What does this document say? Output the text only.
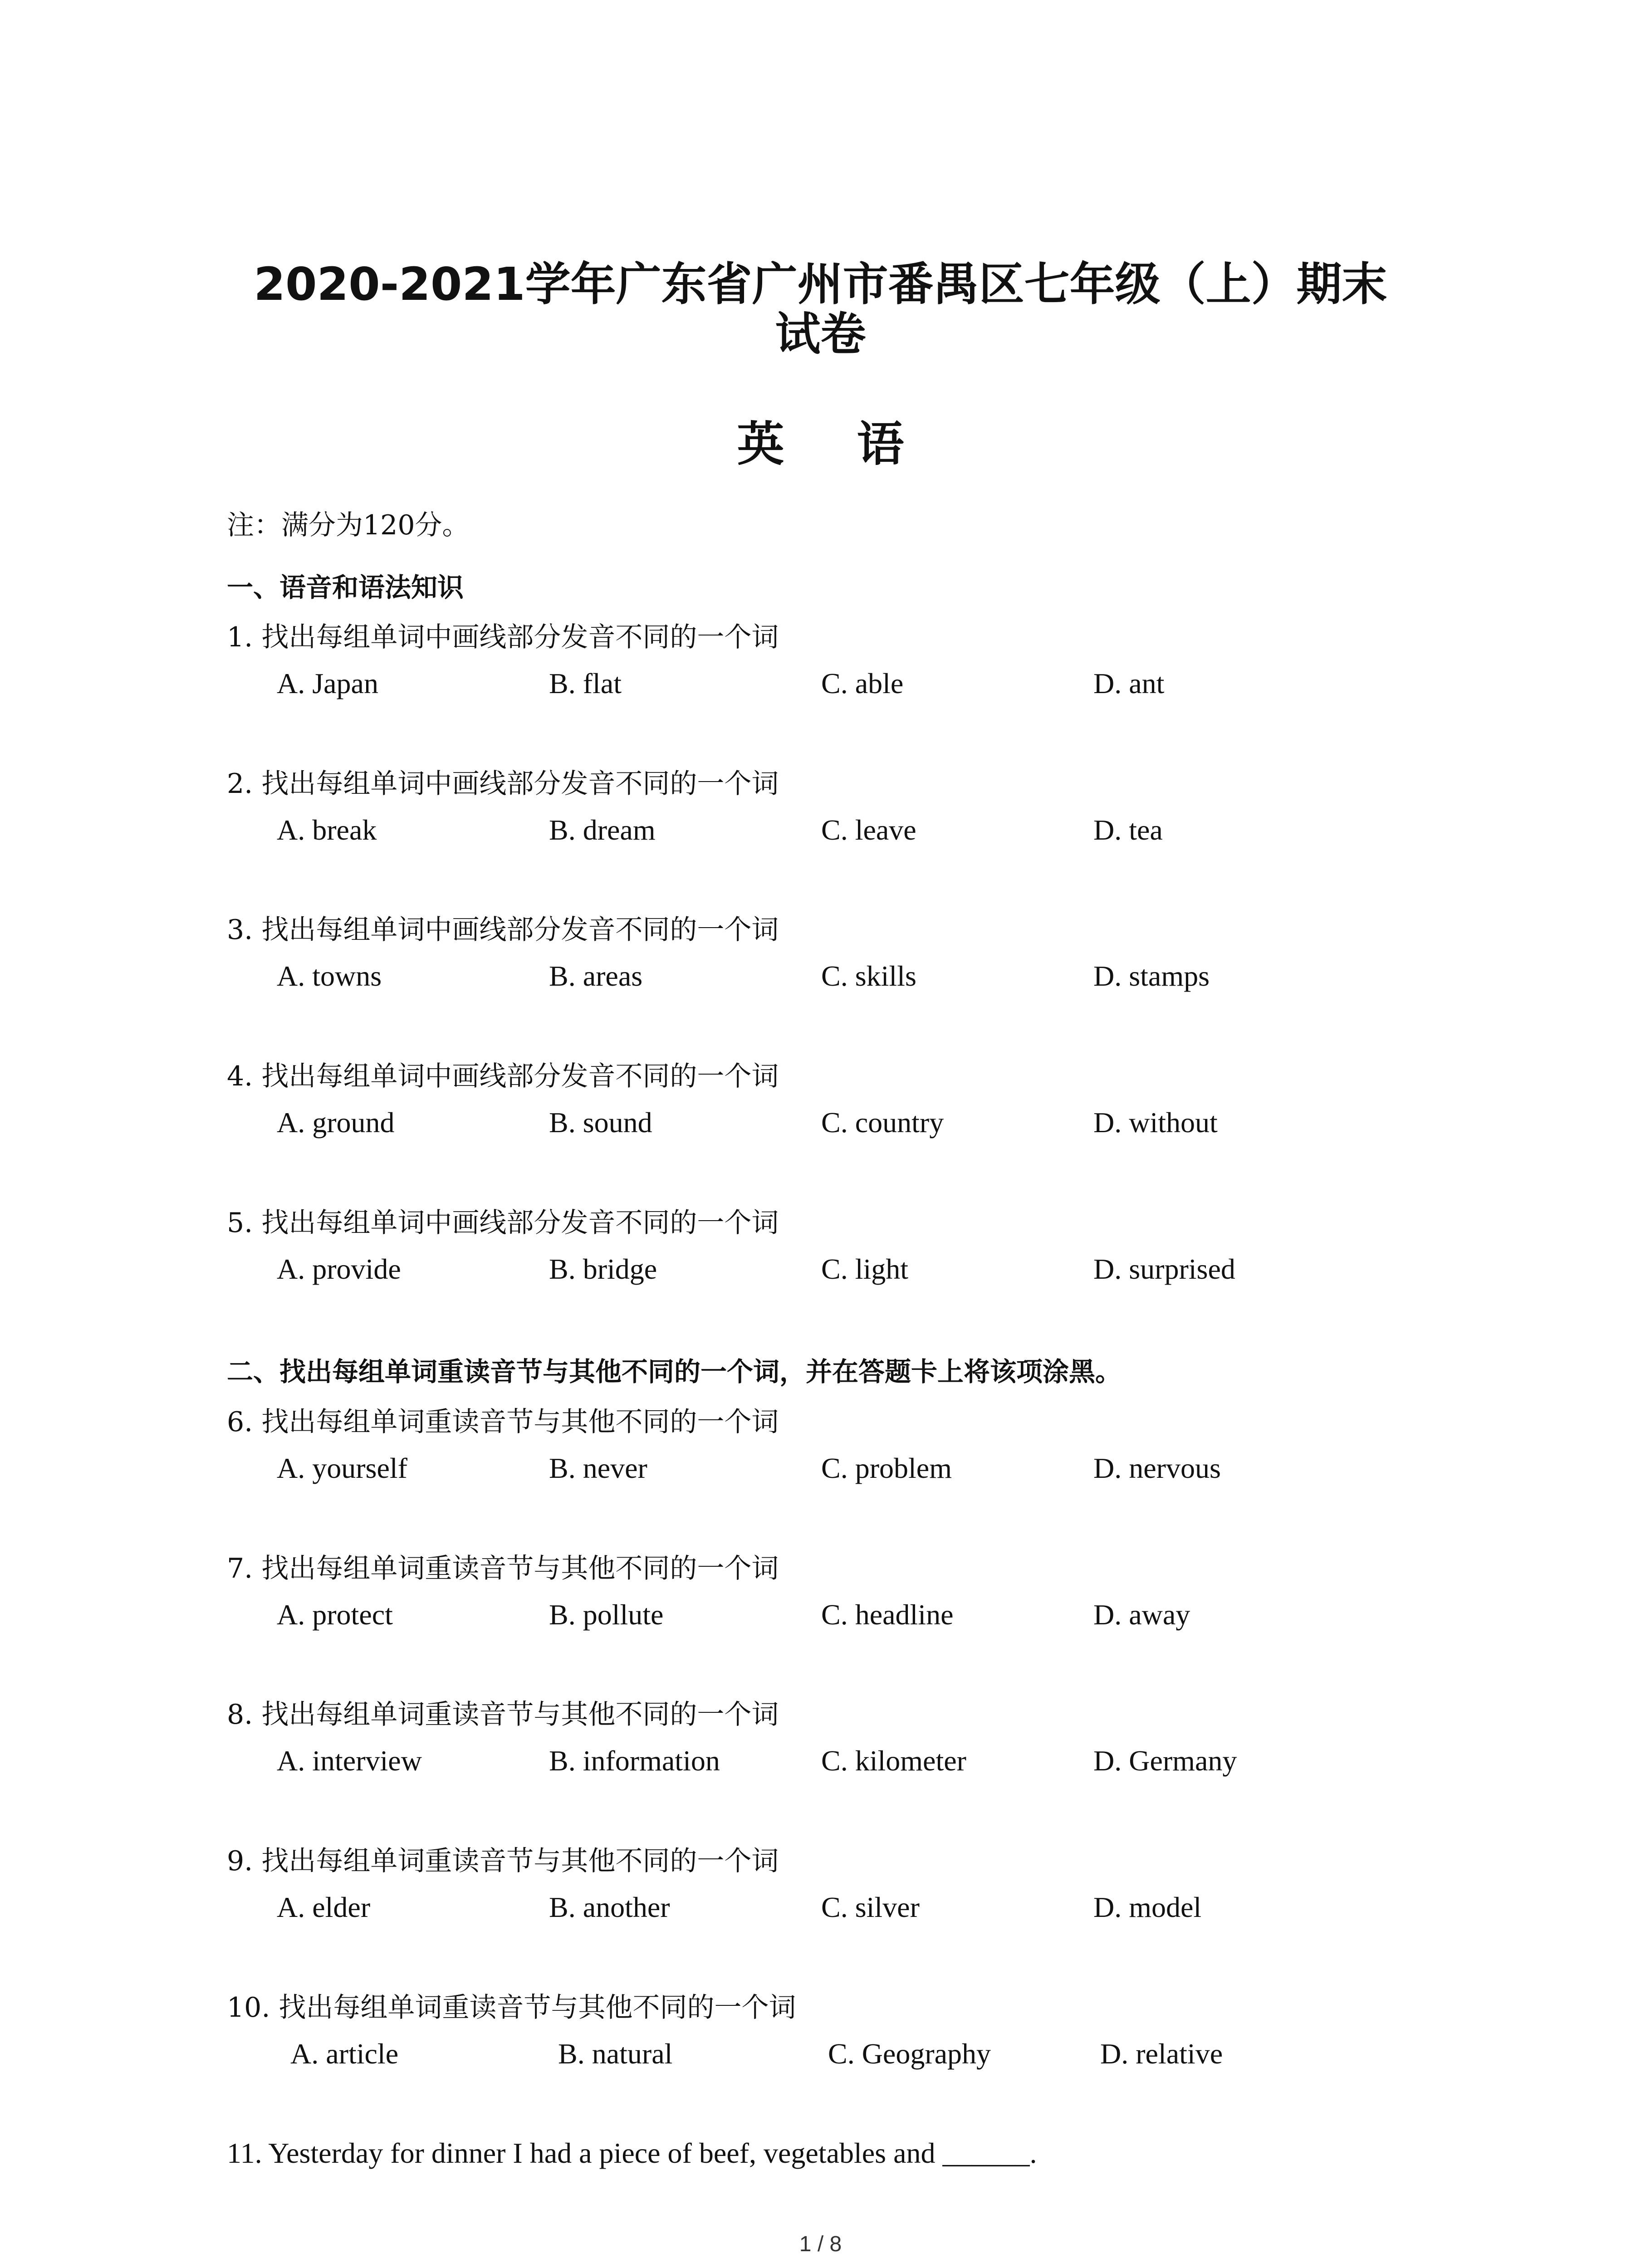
2020-2021学年广东省广州市番禺区七年级（上）期末
试卷
英语
注：满分为120分。
一、语音和语法知识
1. 找出每组单词中画线部分发音不同的一个词
A. Japan	B. flat	C. able	D. ant
2. 找出每组单词中画线部分发音不同的一个词
A. break	B. dream	C. leave	D. tea
3. 找出每组单词中画线部分发音不同的一个词
A. towns	B. areas	C. skills	D. stamps
4. 找出每组单词中画线部分发音不同的一个词
A. ground	B. sound	C. country	D. without
5. 找出每组单词中画线部分发音不同的一个词
A. provide	B. bridge	C. light	D. surprised
二、找出每组单词重读音节与其他不同的一个词，并在答题卡上将该项涂黑。
6. 找出每组单词重读音节与其他不同的一个词
A. yourself	B. never	C. problem	D. nervous
7. 找出每组单词重读音节与其他不同的一个词
A. protect	B. pollute	C. headline	D. away
8. 找出每组单词重读音节与其他不同的一个词
A. interview	B. information	C. kilometer	D. Germany
9. 找出每组单词重读音节与其他不同的一个词
A. elder	B. another	C. silver	D. model
10. 找出每组单词重读音节与其他不同的一个词
A. article	B. natural	C. Geography	D. relative
11. Yesterday for dinner I had a piece of beef, vegetables and ______.
1 / 8
